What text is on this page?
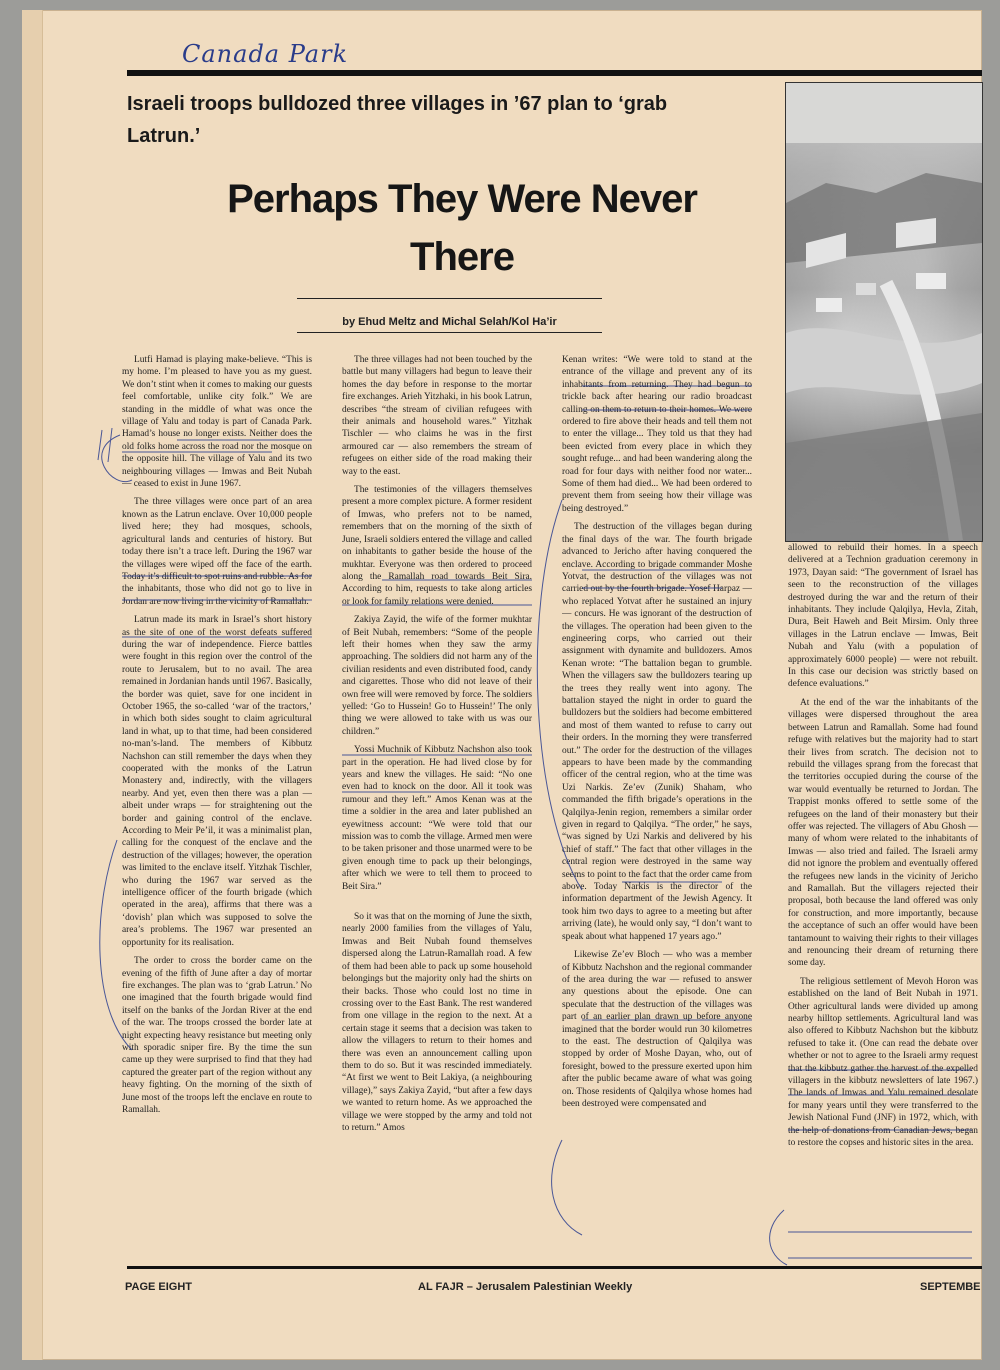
Canada Park
Israeli troops bulldozed three villages in ’67 plan to ‘grab Latrun.’
Perhaps They Were Never There
by Ehud Meltz and Michal Selah/Kol Ha’ir

Lutfi Hamad is playing make-believe. “This is my home. I’m pleased to have you as my guest. We don’t stint when it comes to making our guests feel comfortable, unlike city folk.” We are standing in the middle of what was once the village of Yalu and today is part of Canada Park. Hamad’s house no longer exists. Neither does the old folks home across the road nor the mosque on the opposite hill. The village of Yalu and its two neighbouring villages — Imwas and Beit Nubah — ceased to exist in June 1967.

The three villages were once part of an area known as the Latrun enclave. Over 10,000 people lived here; they had mosques, schools, agricultural lands and centuries of history. But today there isn’t a trace left. During the 1967 war the villages were wiped off the face of the earth. Today it’s difficult to spot ruins and rubble. As for the inhabitants, those who did not go to live in Jordan are now living in the vicinity of Ramallah.

Latrun made its mark in Israel’s short history as the site of one of the worst defeats suffered during the war of independence. Fierce battles were fought in this region over the control of the route to Jerusalem, but to no avail. The area remained in Jordanian hands until 1967. Basically, the border was quiet, save for one incident in October 1965, the so-called ‘war of the tractors,’ in which both sides sought to claim agricultural land in what, up to that time, had been considered no-man’s-land. The members of Kibbutz Nachshon can still remember the days when they cooperated with the monks of the Latrun Monastery and, indirectly, with the villagers nearby. And yet, even then there was a plan — albeit under wraps — for straightening out the border and gaining control of the enclave. According to Meir Pe’il, it was a minimalist plan, calling for the conquest of the enclave and the destruction of the villages; however, the operation was limited to the enclave itself. Yitzhak Tischler, who during the 1967 war served as the intelligence officer of the fourth brigade (which operated in the area), affirms that there was a ‘dovish’ plan which was supposed to solve the area’s problems. The 1967 war presented an opportunity for its realisation.

The order to cross the border came on the evening of the fifth of June after a day of mortar fire exchanges. The plan was to ‘grab Latrun.’ No one imagined that the fourth brigade would find itself on the banks of the Jordan River at the end of the war. The troops crossed the border late at night expecting heavy resistance but meeting only with sporadic sniper fire. By the time the sun came up they were surprised to find that they had captured the greater part of the region without any heavy fighting. On the morning of the sixth of June most of the troops left the enclave en route to Ramallah.

The three villages had not been touched by the battle but many villagers had begun to leave their homes the day before in response to the mortar fire exchanges. Arieh Yitzhaki, in his book Latrun, describes “the stream of civilian refugees with their animals and household wares.” Yitzhak Tischler — who claims he was in the first armoured car — also remembers the stream of refugees on either side of the road making their way to the east.

The testimonies of the villagers themselves present a more complex picture. A former resident of Imwas, who prefers not to be named, remembers that on the morning of the sixth of June, Israeli soldiers entered the village and called on inhabitants to gather beside the house of the mukhtar. Everyone was then ordered to proceed along the Ramallah road towards Beit Sira. According to him, requests to take along articles or look for family relations were denied.

Zakiya Zayid, the wife of the former mukhtar of Beit Nubah, remembers: “Some of the people left their homes when they saw the army approaching. The soldiers did not harm any of the civilian residents and even distributed food, candy and cigarettes. Those who did not leave of their own free will were removed by force. The soldiers yelled: ‘Go to Hussein! Go to Hussein!’ The only thing we were allowed to take with us was our children.”

Yossi Muchnik of Kibbutz Nachshon also took part in the operation. He had lived close by for years and knew the villages. He said: “No one even had to knock on the door. All it took was rumour and they left.” Amos Kenan was at the time a soldier in the area and later published an eyewitness account: “We were told that our mission was to comb the village. Armed men were to be taken prisoner and those unarmed were to be given enough time to pack up their belongings, after which we were to tell them to proceed to Beit Sira.”

So it was that on the morning of June the sixth, nearly 2000 families from the villages of Yalu, Imwas and Beit Nubah found themselves dispersed along the Latrun-Ramallah road. A few of them had been able to pack up some household belongings but the majority only had the shirts on their backs. Those who could lost no time in crossing over to the East Bank. The rest wandered from one village in the region to the next. At a certain stage it seems that a decision was taken to allow the villagers to return to their homes and there was even an announcement calling upon them to do so. But it was rescinded immediately. “At first we went to Beit Lakiya, (a neighbouring village),” says Zakiya Zayid, “but after a few days we wanted to return home. As we approached the village we were stopped by the army and told not to return.” Amos

Kenan writes: “We were told to stand at the entrance of the village and prevent any of its inhabitants from returning. They had begun to trickle back after hearing our radio broadcast calling on them to return to their homes. We were ordered to fire above their heads and tell them not to enter the village... They told us that they had been evicted from every place in which they sought refuge... and had been wandering along the road for four days with neither food nor water... Some of them had died... We had been ordered to prevent them from seeing how their village was being destroyed.”

The destruction of the villages began during the final days of the war. The fourth brigade advanced to Jericho after having conquered the enclave. According to brigade commander Moshe Yotvat, the destruction of the villages was not carried out by the fourth brigade. Yosef Harpaz — who replaced Yotvat after he sustained an injury — concurs. He was ignorant of the destruction of the villages. The operation had been given to the engineering corps, who carried out their assignment with dynamite and bulldozers. Amos Kenan wrote: “The battalion began to grumble. When the villagers saw the bulldozers tearing up the trees they really went into agony. The battalion stayed the night in order to guard the bulldozers but the soldiers had become embittered and most of them wanted to refuse to carry out their orders. In the morning they were transferred out.” The order for the destruction of the villages appears to have been made by the commanding officer of the central region, who at the time was Uzi Narkis. Ze’ev (Zunik) Shaham, who commanded the fifth brigade’s operations in the Qalqilya-Jenin region, remembers a similar order given in regard to Qalqilya. “The order,” he says, “was signed by Uzi Narkis and delivered by his chief of staff.” The fact that other villages in the central region were destroyed in the same way seems to point to the fact that the order came from above. Today Narkis is the director of the information department of the Jewish Agency. It took him two days to agree to a meeting but after arriving (late), he would only say, “I don’t want to speak about what happened 17 years ago.”

Likewise Ze’ev Bloch — who was a member of Kibbutz Nachshon and the regional commander of the area during the war — refused to answer any questions about the episode. One can speculate that the destruction of the villages was part of an earlier plan drawn up before anyone imagined that the border would run 30 kilometres to the east. The destruction of Qalqilya was stopped by order of Moshe Dayan, who, out of foresight, bowed to the pressure exerted upon him after the public became aware of what was going on. Those residents of Qalqilya whose homes had been destroyed were compensated and

allowed to rebuild their homes. In a speech delivered at a Technion graduation ceremony in 1973, Dayan said: “The government of Israel has seen to the reconstruction of the villages destroyed during the war and the return of their inhabitants. They include Qalqilya, Hevla, Zitah, Dura, Beit Haweh and Beit Mirsim. Only three villages in the Latrun enclave — Imwas, Beit Nubah and Yalu (with a population of approximately 6000 people) — were not rebuilt. In this case our decision was strictly based on defence evaluations.”

At the end of the war the inhabitants of the villages were dispersed throughout the area between Latrun and Ramallah. Some had found refuge with relatives but the majority had to start their lives from scratch. The decision not to rebuild the villages sprang from the forecast that the territories occupied during the course of the war would eventually be returned to Jordan. The Trappist monks offered to settle some of the refugees on the land of their monastery but their offer was rejected. The villagers of Abu Ghosh — many of whom were related to the inhabitants of Imwas — also tried and failed. The Israeli army did not ignore the problem and eventually offered the refugees new lands in the vicinity of Jericho and Ramallah. But the villagers rejected their proposal, both because the land offered was only for construction, and more importantly, because the acceptance of such an offer would have been tantamount to waiving their rights to their villages and renouncing their dream of returning there some day.

The religious settlement of Mevoh Horon was established on the land of Beit Nubah in 1971. Other agricultural lands were divided up among nearby hilltop settlements. Agricultural land was also offered to Kibbutz Nachshon but the kibbutz refused to take it. (One can read the debate over whether or not to agree to the Israeli army request that the kibbutz gather the harvest of the expelled villagers in the kibbutz newsletters of late 1967.) The lands of Imwas and Yalu remained desolate for many years until they were transferred to the Jewish National Fund (JNF) in 1972, which, with the help of donations from Canadian Jews, began to restore the copses and historic sites in the area.

PAGE EIGHT	AL FAJR – Jerusalem Palestinian Weekly	SEPTEMBE
